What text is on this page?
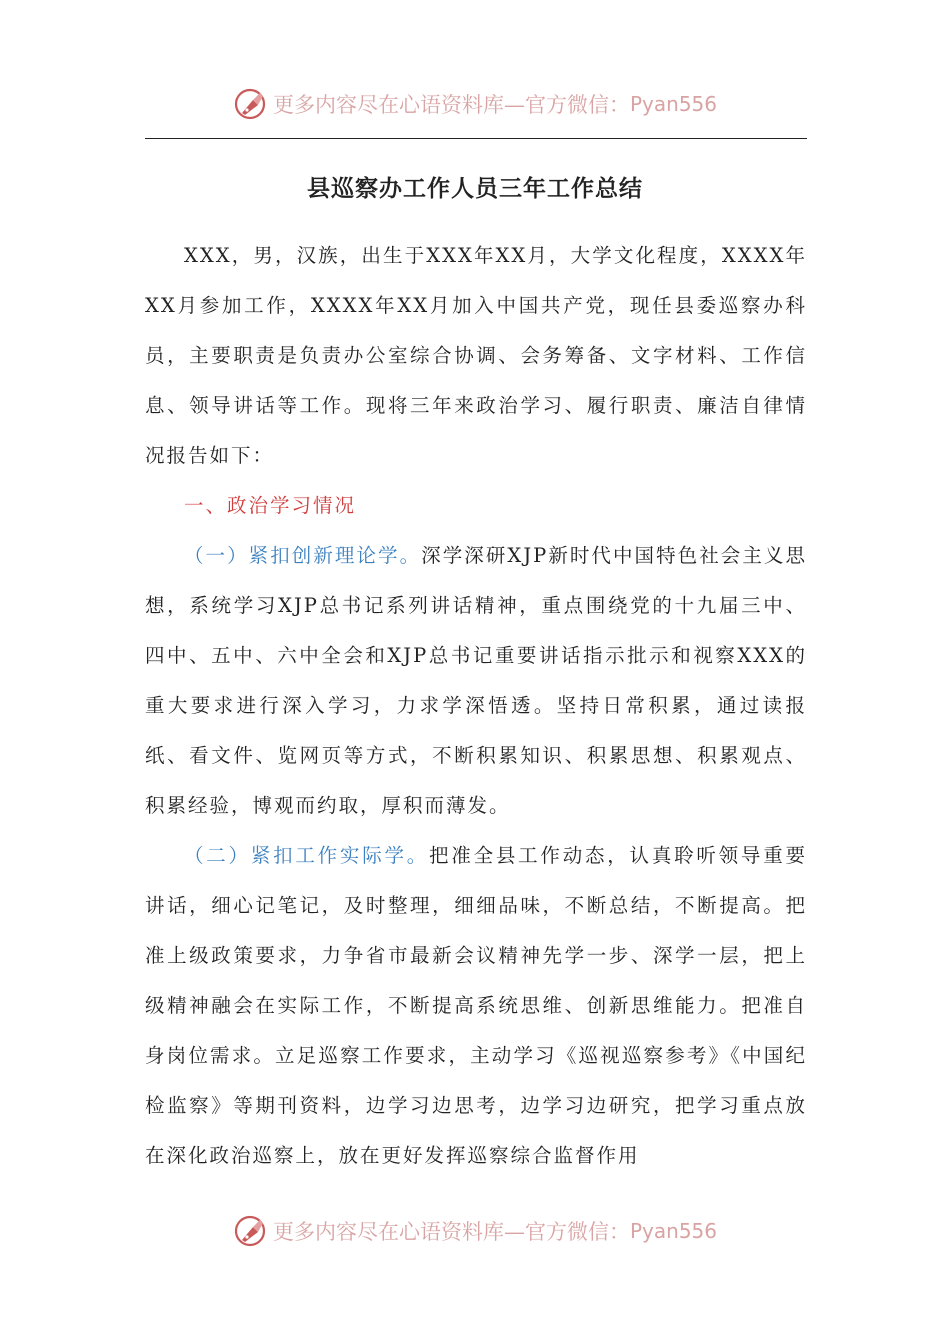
更多内容尽在心语资料库—官方微信： Pyan556
县巡察办工作人员三年工作总结

XXX，男，汉族，出生于XXX年XX月，大学文化程度，XXXX年XX月参加工作，XXXX年XX月加入中国共产党，现任县委巡察办科员，主要职责是负责办公室综合协调、会务筹备、文字材料、工作信息、领导讲话等工作。现将三年来政治学习、履行职责、廉洁自律情况报告如下：

一、政治学习情况

（一）紧扣创新理论学。深学深研XJP新时代中国特色社会主义思想，系统学习XJP总书记系列讲话精神，重点围绕党的十九届三中、四中、五中、六中全会和XJP总书记重要讲话指示批示和视察XXX的重大要求进行深入学习，力求学深悟透。坚持日常积累，通过读报纸、看文件、览网页等方式，不断积累知识、积累思想、积累观点、积累经验，博观而约取，厚积而薄发。

（二）紧扣工作实际学。把准全县工作动态，认真聆听领导重要讲话，细心记笔记，及时整理，细细品味，不断总结，不断提高。把准上级政策要求，力争省市最新会议精神先学一步、深学一层，把上级精神融会在实际工作，不断提高系统思维、创新思维能力。把准自身岗位需求。立足巡察工作要求，主动学习《巡视巡察参考》《中国纪检监察》等期刊资料，边学习边思考，边学习边研究，把学习重点放在深化政治巡察上，放在更好发挥巡察综合监督作用

更多内容尽在心语资料库—官方微信： Pyan556
